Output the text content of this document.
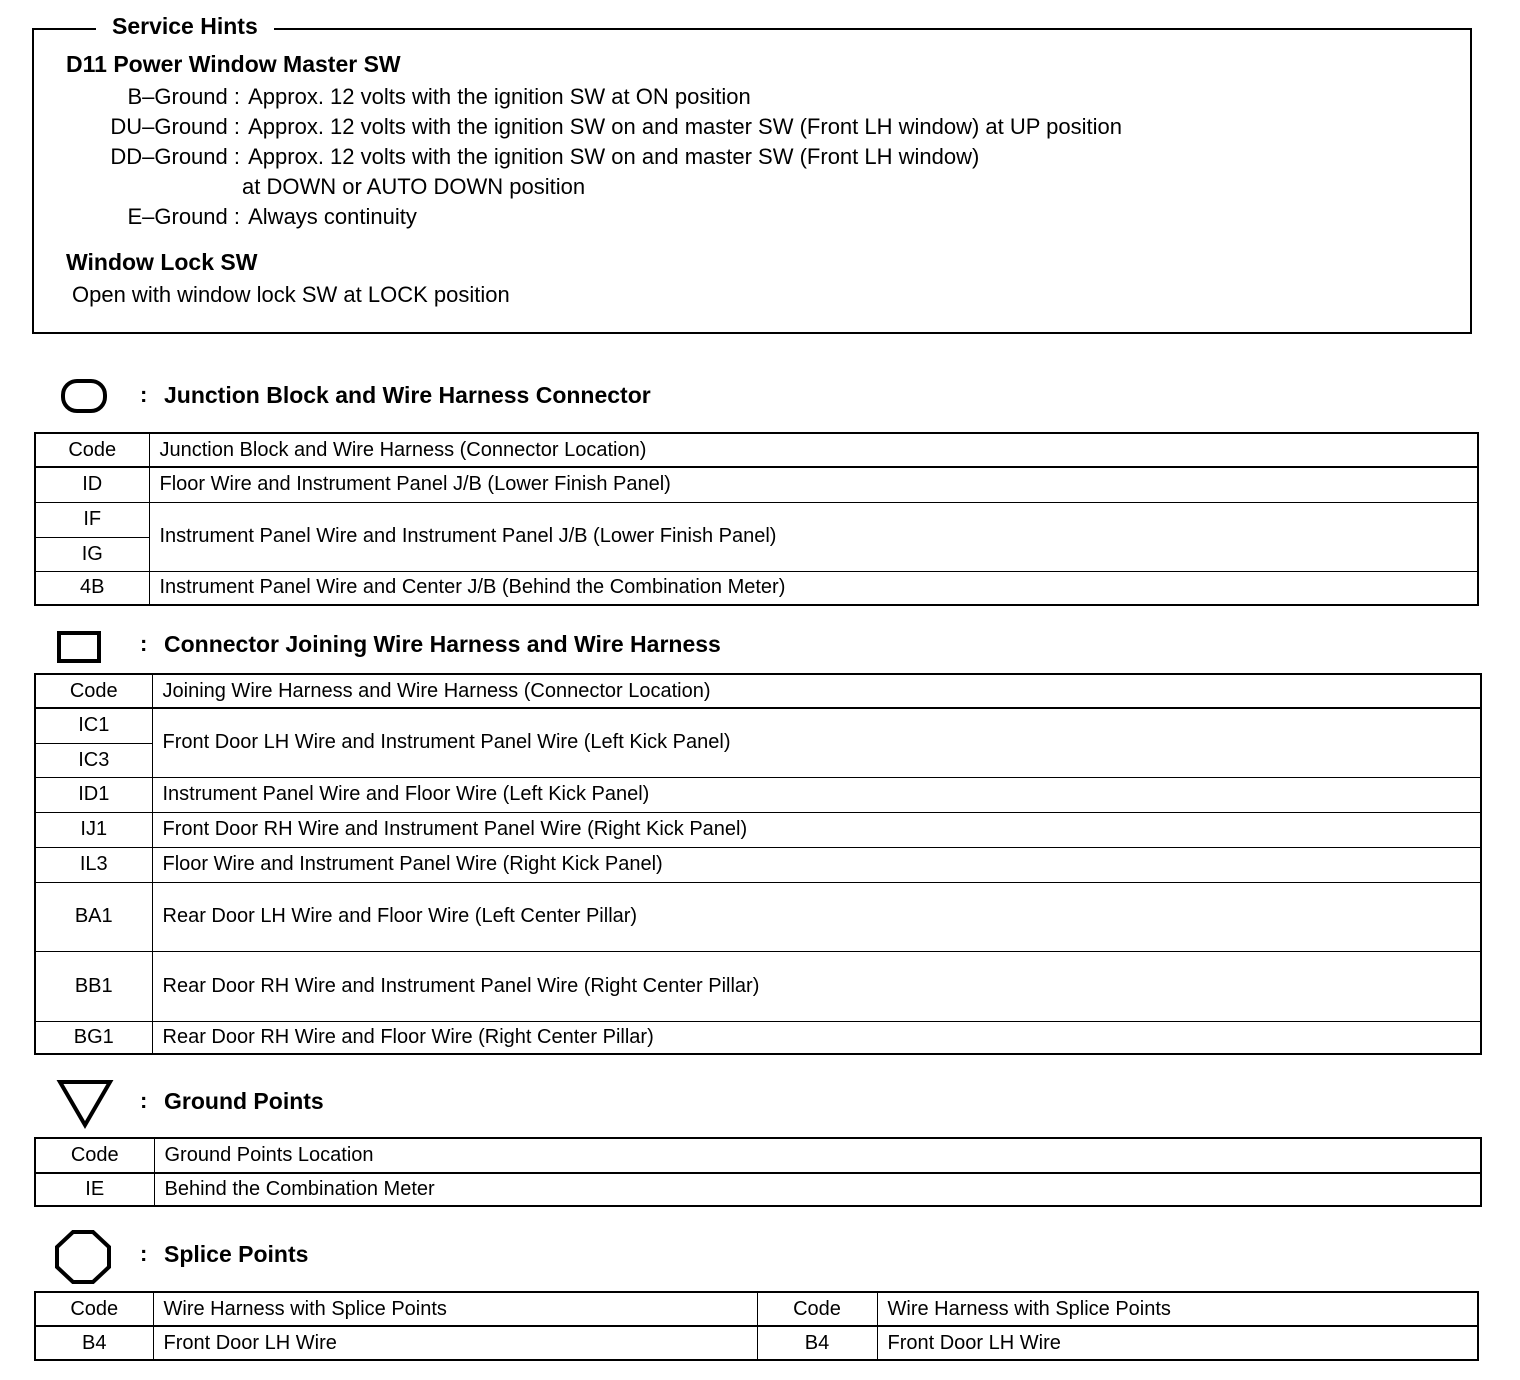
Service Hints
D11 Power Window Master SW
B–Ground : Approx. 12 volts with the ignition SW at ON position
DU–Ground : Approx. 12 volts with the ignition SW on and master SW (Front LH window) at UP position
DD–Ground : Approx. 12 volts with the ignition SW on and master SW (Front LH window)
at DOWN or AUTO DOWN position
E–Ground : Always continuity
Window Lock SW
Open with window lock SW at LOCK position
: Junction Block and Wire Harness Connector
Code	Junction Block and Wire Harness (Connector Location)
ID	Floor Wire and Instrument Panel J/B (Lower Finish Panel)
IF	Instrument Panel Wire and Instrument Panel J/B (Lower Finish Panel)
IG	
4B	Instrument Panel Wire and Center J/B (Behind the Combination Meter)
: Connector Joining Wire Harness and Wire Harness
Code	Joining Wire Harness and Wire Harness (Connector Location)
IC1	Front Door LH Wire and Instrument Panel Wire (Left Kick Panel)
IC3	
ID1	Instrument Panel Wire and Floor Wire (Left Kick Panel)
IJ1	Front Door RH Wire and Instrument Panel Wire (Right Kick Panel)
IL3	Floor Wire and Instrument Panel Wire (Right Kick Panel)
BA1	Rear Door LH Wire and Floor Wire (Left Center Pillar)
BB1	Rear Door RH Wire and Instrument Panel Wire (Right Center Pillar)
BG1	Rear Door RH Wire and Floor Wire (Right Center Pillar)
: Ground Points
Code	Ground Points Location
IE	Behind the Combination Meter
: Splice Points
Code	Wire Harness with Splice Points	Code	Wire Harness with Splice Points
B4	Front Door LH Wire	B4	Front Door LH Wire
